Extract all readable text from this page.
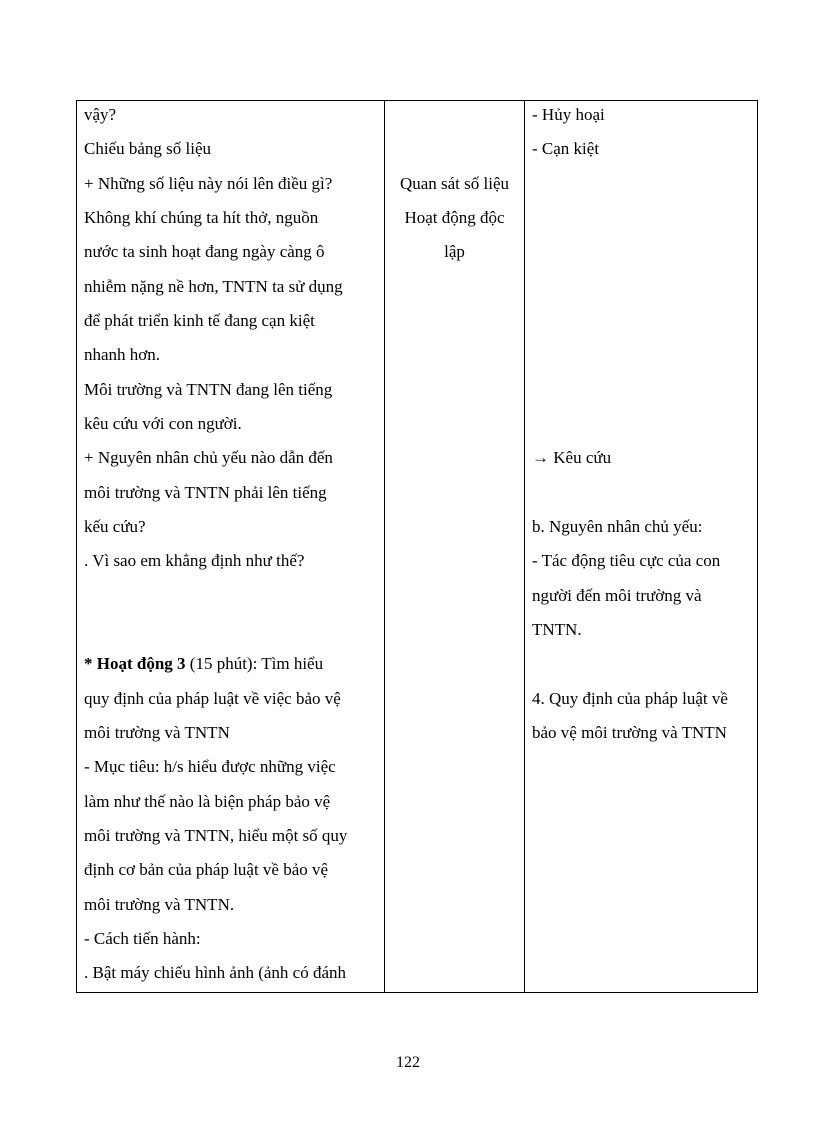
vậy?
Chiếu bảng số liệu
+ Những số liệu này nói lên điều gì?
Không khí chúng ta hít thở, nguồn
nước ta sinh hoạt đang ngày càng ô
nhiễm nặng nề hơn, TNTN ta sử dụng
để phát triển kinh tế đang cạn kiệt
nhanh hơn.
Môi trường và TNTN đang lên tiếng
kêu cứu với con người.
+ Nguyên nhân chủ yếu nào dẫn đến
môi trường và TNTN phải lên tiếng
kếu cứu?
. Vì sao em khẳng định như thế?
* Hoạt động 3 (15 phút): Tìm hiểu
quy định của pháp luật về việc bảo vệ
môi trường và TNTN
- Mục tiêu: h/s hiểu được những việc
làm như thế nào là biện pháp bảo vệ
môi trường và TNTN, hiểu một số quy
định cơ bản của pháp luật về bảo vệ
môi trường và TNTN.
- Cách tiến hành:
. Bật máy chiếu hình ảnh (ảnh có đánh
Quan sát số liệu
Hoạt động độc
lập
- Hủy hoại
- Cạn kiệt
→ Kêu cứu
b. Nguyên nhân chủ yếu:
- Tác động tiêu cực của con
người đến môi trường và
TNTN.
4. Quy định của pháp luật về
bảo vệ môi trường và TNTN
122
